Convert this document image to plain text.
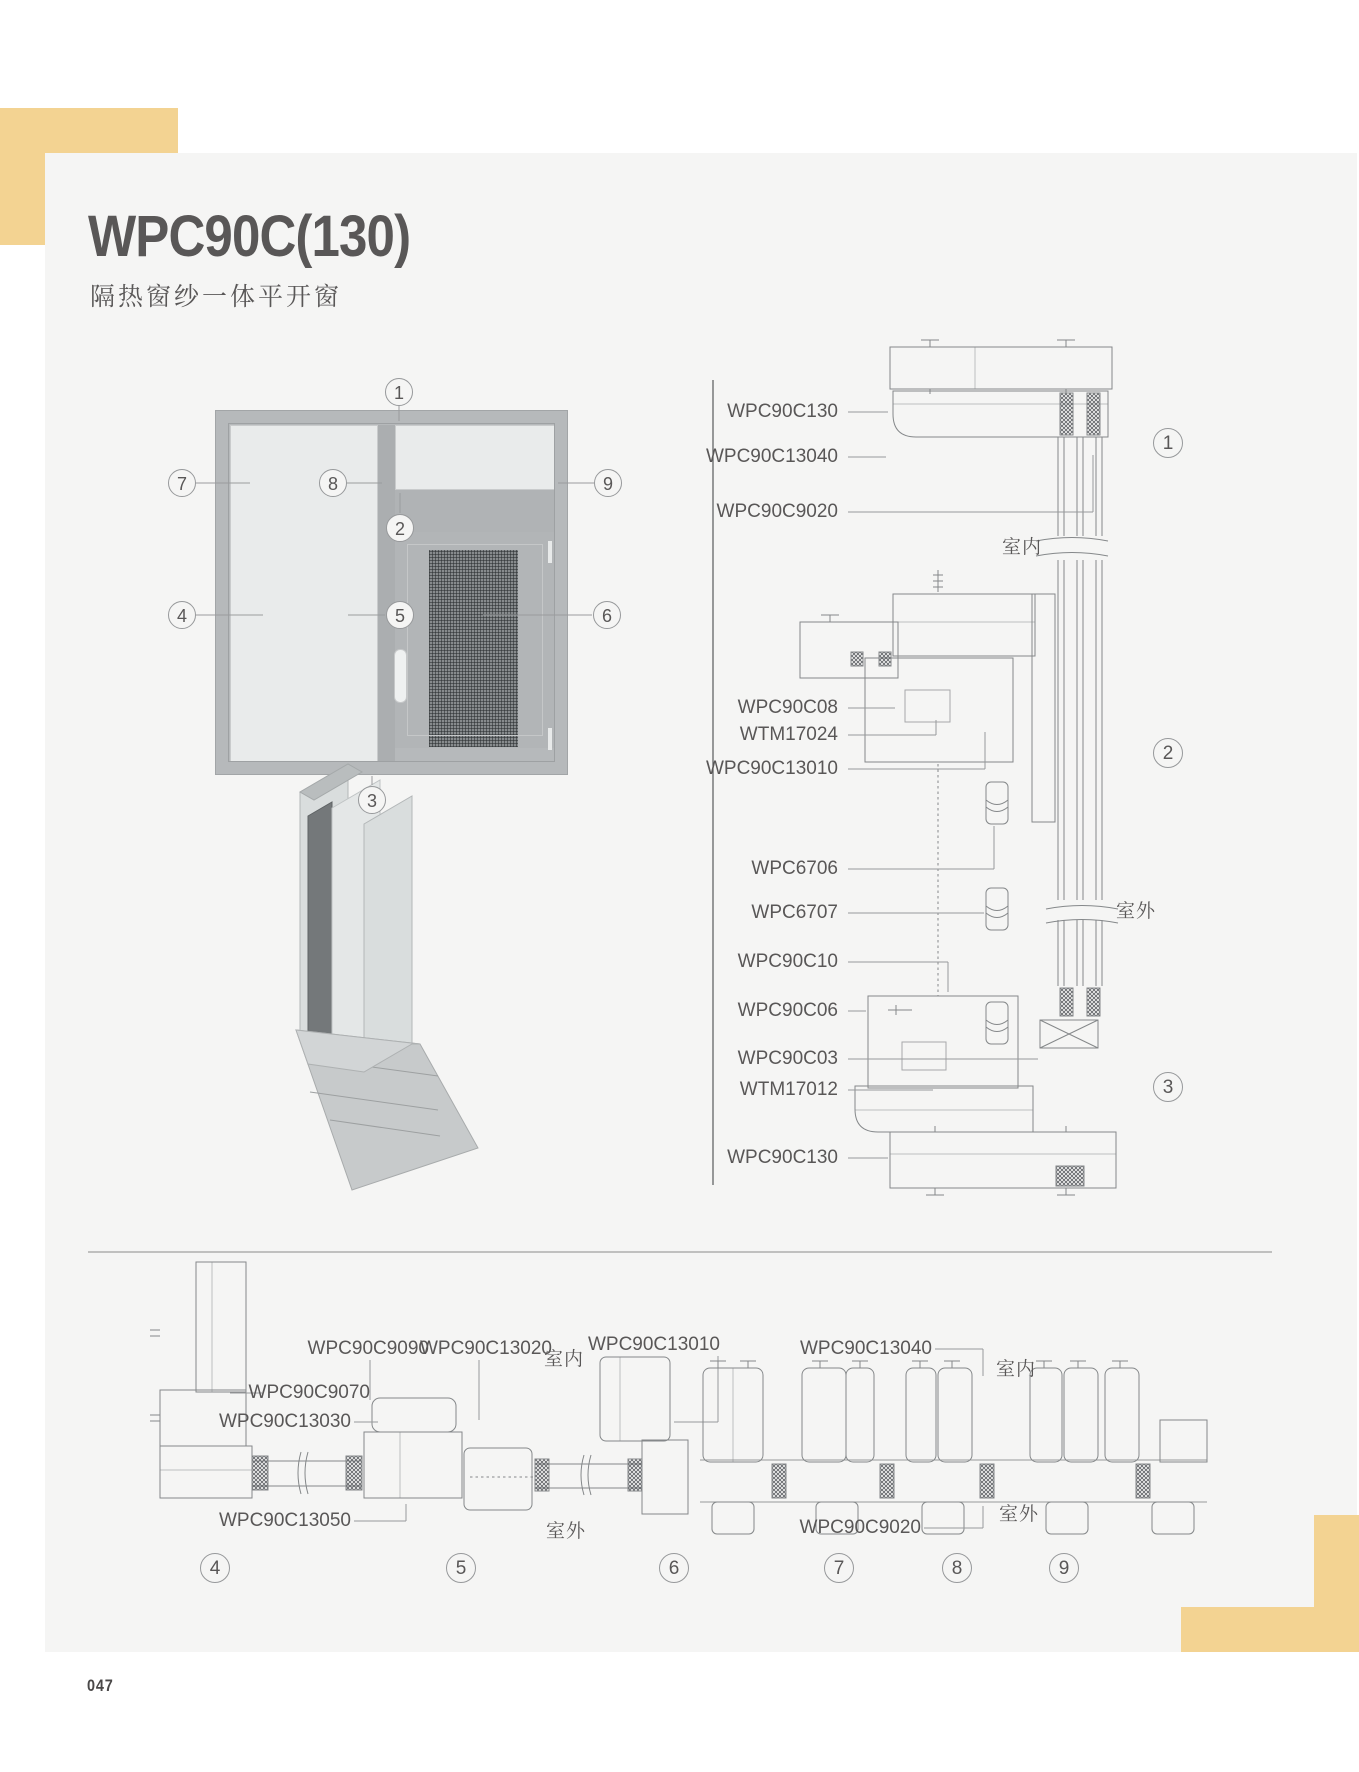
WPC90C(130)
隔热窗纱一体平开窗
1
2
3
4	5	6
7	8	9
WPC90C130
WPC90C13040
WPC90C9020
WPC90C08
WTM17024
WPC90C13010
WPC6706
WPC6707
WPC90C10
WPC90C06
WPC90C03
WTM17012
WPC90C130
室内
室外
1
2
3
WPC90C9090
WPC90C13020 WPC90C13010
WPC90C9070
WPC90C13030
WPC90C13050
室内
室外
WPC90C13040
WPC90C9020
室内
室外
4	5	6	7	8	9
047
